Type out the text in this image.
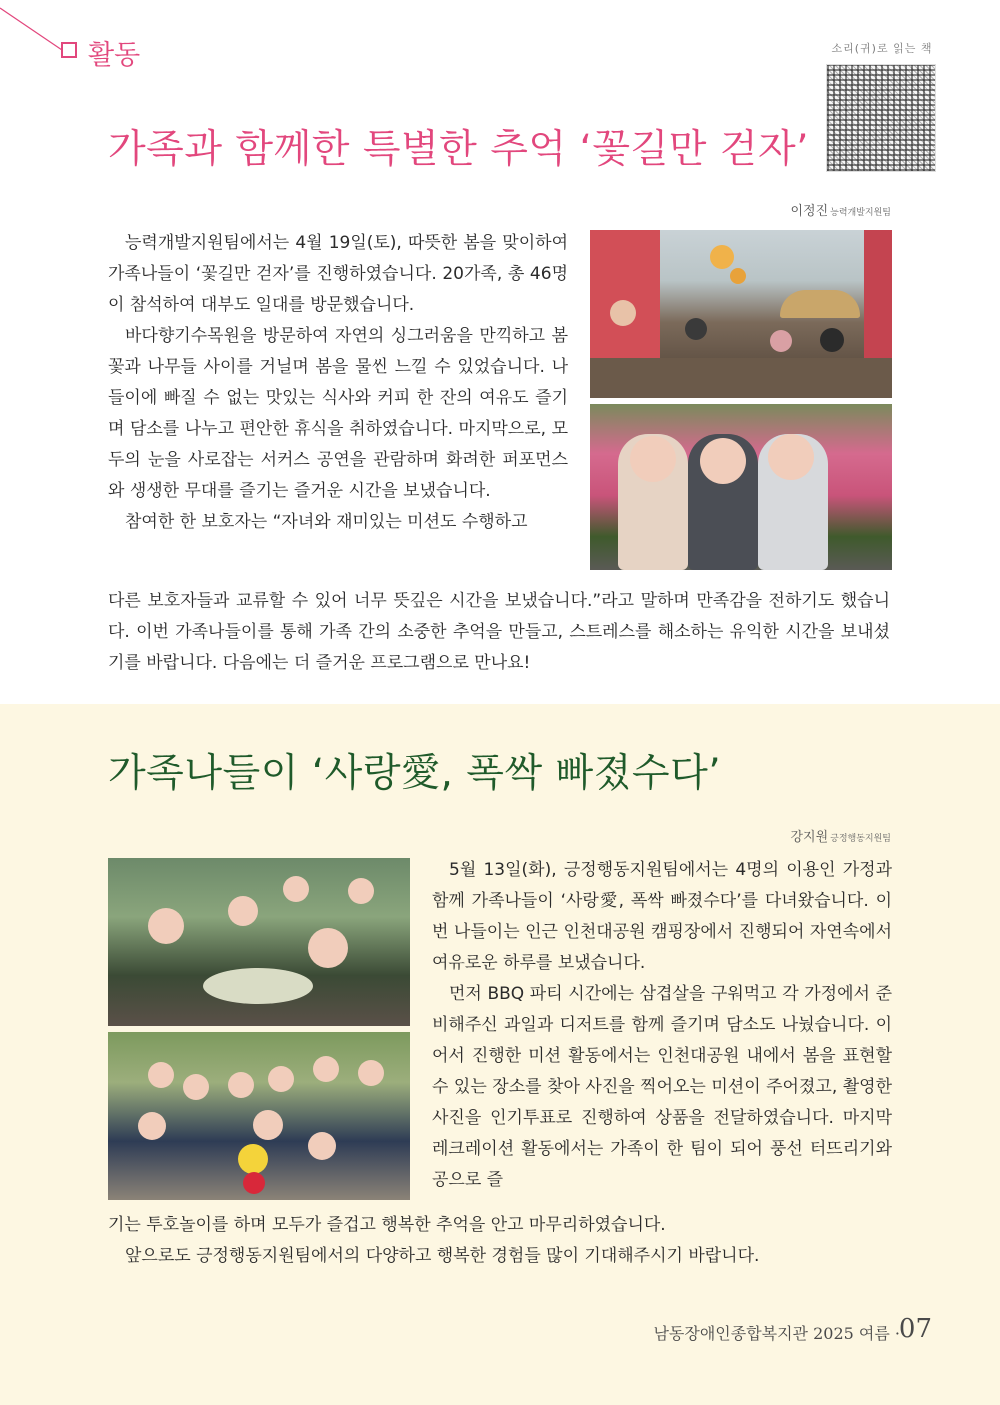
활동	소리(귀)로 읽는 책
가족과 함께한 특별한 추억 ‘꽃길만 걷자’
이정진 능력개발지원팀

능력개발지원팀에서는 4월 19일(토), 따뜻한 봄을 맞이하여 가족나들이 ‘꽃길만 걷자’를 진행하였습니다. 20가족, 총 46명이 참석하여 대부도 일대를 방문했습니다.

바다향기수목원을 방문하여 자연의 싱그러움을 만끽하고 봄꽃과 나무들 사이를 거닐며 봄을 물씬 느낄 수 있었습니다. 나들이에 빠질 수 없는 맛있는 식사와 커피 한 잔의 여유도 즐기며 담소를 나누고 편안한 휴식을 취하였습니다. 마지막으로, 모두의 눈을 사로잡는 서커스 공연을 관람하며 화려한 퍼포먼스와 생생한 무대를 즐기는 즐거운 시간을 보냈습니다.

참여한 한 보호자는 “자녀와 재미있는 미션도 수행하고

다른 보호자들과 교류할 수 있어 너무 뜻깊은 시간을 보냈습니다.”라고 말하며 만족감을 전하기도 했습니다. 이번 가족나들이를 통해 가족 간의 소중한 추억을 만들고, 스트레스를 해소하는 유익한 시간을 보내셨기를 바랍니다. 다음에는 더 즐거운 프로그램으로 만나요!

가족나들이 ‘사랑愛, 폭싹 빠졌수다’
강지원 긍정행동지원팀

5월 13일(화), 긍정행동지원팀에서는 4명의 이용인 가정과 함께 가족나들이 ‘사랑愛, 폭싹 빠졌수다’를 다녀왔습니다. 이번 나들이는 인근 인천대공원 캠핑장에서 진행되어 자연속에서 여유로운 하루를 보냈습니다.

먼저 BBQ 파티 시간에는 삼겹살을 구워먹고 각 가정에서 준비해주신 과일과 디저트를 함께 즐기며 담소도 나눴습니다. 이어서 진행한 미션 활동에서는 인천대공원 내에서 봄을 표현할 수 있는 장소를 찾아 사진을 찍어오는 미션이 주어졌고, 촬영한 사진을 인기투표로 진행하여 상품을 전달하였습니다. 마지막 레크레이션 활동에서는 가족이 한 팀이 되어 풍선 터뜨리기와 공으로 즐

기는 투호놀이를 하며 모두가 즐겁고 행복한 추억을 안고 마무리하였습니다.

앞으로도 긍정행동지원팀에서의 다양하고 행복한 경험들 많이 기대해주시기 바랍니다.

07
남동장애인종합복지관 2025 여름 ·
